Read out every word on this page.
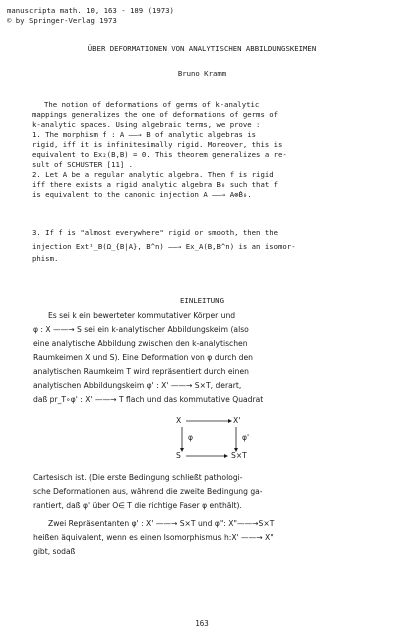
manuscripta math. 10, 163 - 189 (1973)
© by Springer-Verlag 1973
ÜBER DEFORMATIONEN VON ANALYTISCHEN ABBILDUNGSKEIMEN
Bruno Kramm
The notion of deformations of germs of k-analytic
mappings generalizes the one of deformations of germs of
k-analytic spaces. Using algebraic terms, we prove :
1. The morphism f : A ——→ B of analytic algebras is
rigid, iff it is infinitesimally rigid. Moreover, this is
equivalent to Ex₂(B,B) = 0. This theorem generalizes a re-
sult of SCHUSTER [11] .
2. Let A be a regular analytic algebra. Then f is rigid
iff there exists a rigid analytic algebra B₀ such that f
is equivalent to the canonic injection A ——→ A⊗̂B₀.
3. If f is "almost everywhere" rigid or smooth, then the
injection Ext¹_B(Ω_{B|A}, B^n) ——→ Ex_A(B,B^n) is an isomor-
phism.
EINLEITUNG
Es sei k ein bewerteter kommutativer Körper und
φ : X ——→ S sei ein k-analytischer Abbildungskeim (also
eine analytische Abbildung zwischen den k-analytischen
Raumkeimen X und S). Eine Deformation von φ durch den
analytischen Raumkeim T wird repräsentiert durch einen
analytischen Abbildungskeim φ' : X' ——→ S×T, derart,
daß pr_T∘φ' : X' ——→ T flach und das kommutative Quadrat
X	X'
S	S×T
φ	φ'
Cartesisch ist. (Die erste Bedingung schließt pathologi-
sche Deformationen aus, während die zweite Bedingung ga-
rantiert, daß φ' über O∈ T die richtige Faser φ enthält).
Zwei Repräsentanten φ' : X' ——→ S×T und φ": X"——→S×T
heißen äquivalent, wenn es einen Isomorphismus h:X' ——→ X"
gibt, sodaß
163
